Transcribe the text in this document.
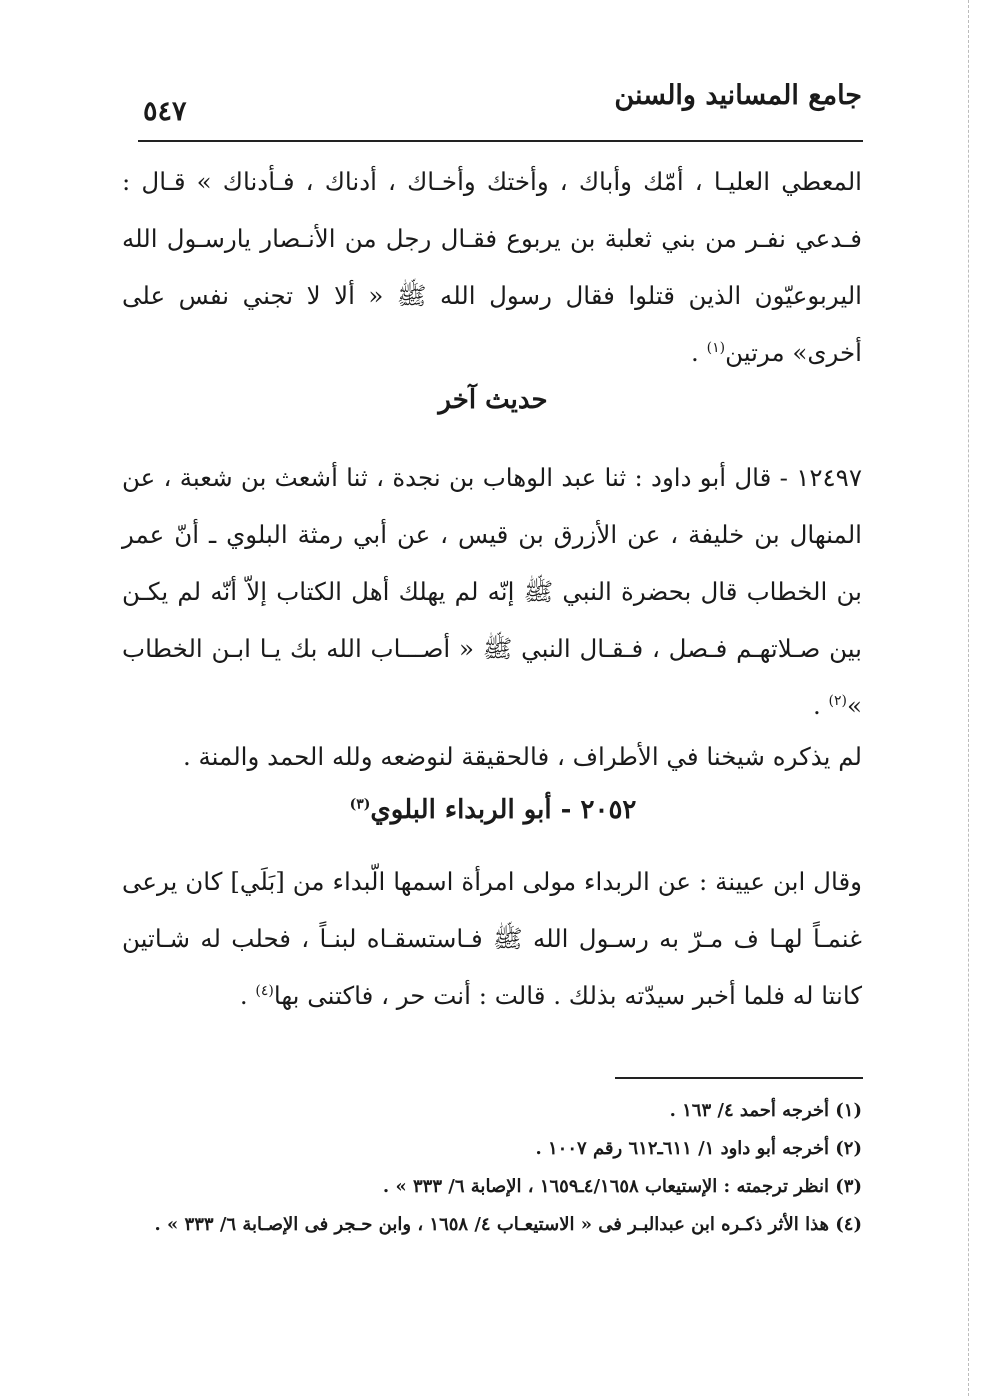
جامع المسانيد والسنن
٥٤٧

المعطي العليـا ، أمّك وأباك ، وأختك وأخـاك ، أدناك ، فـأدناك » قـال : فـدعي نفـر من بني ثعلبة بن يربوع فقـال رجل من الأنـصار يارسـول الله اليربوعيّون الذين قتلوا فقال رسول الله ﷺ « ألا لا تجني نفس على أخرى» مرتين$^{(١)}$ .

حديث آخر

١٢٤٩٧ - قال أبو داود : ثنا عبد الوهاب بن نجدة ، ثنا أشعث بن شعبة ، عن المنهال بن خليفة ، عن الأزرق بن قيس ، عن أبي رمثة البلوي ـ أنّ عمر بن الخطاب قال بحضرة النبي ﷺ إنّه لم يهلك أهل الكتاب إلاّ أنّه لم يكـن بين صـلاتهـم فـصل ، فـقـال النبي ﷺ « أصـــاب الله بك يـا ابـن الخطاب »$^{(٢)}$ .

لم يذكره شيخنا في الأطراف ، فالحقيقة لنوضعه ولله الحمد والمنة .

٢٠٥٢ - أبو الربداء البلوي$^{(٣)}$

وقال ابن عيينة : عن الربداء مولى امرأة اسمها الّبداء من [بَلَي] كان يرعى غنمـاً لهـا ف مـرّ به رسـول الله ﷺ فـاستسقـاه لبنـاً ، فحلب له شـاتين كانتا له فلما أخبر سيدّته بذلك . قالت : أنت حر ، فاكتنى بها$^{(٤)}$ .

(١) أخرجه أحمد ٤/ ١٦٣ .
(٢) أخرجه أبو داود ١/ ٦١١ـ٦١٢ رقم ١٠٠٧ .
(٣) انظر ترجمته : الإستيعاب ٤/١٦٥٨ـ١٦٥٩ ، الإصابة ٦/ ٣٣٣ » .
(٤) هذا الأثر ذكـره ابن عبدالبـر فى « الاستيعـاب ٤/ ١٦٥٨ ، وابن حـجر فى الإصـابة ٦/ ٣٣٣ » .
